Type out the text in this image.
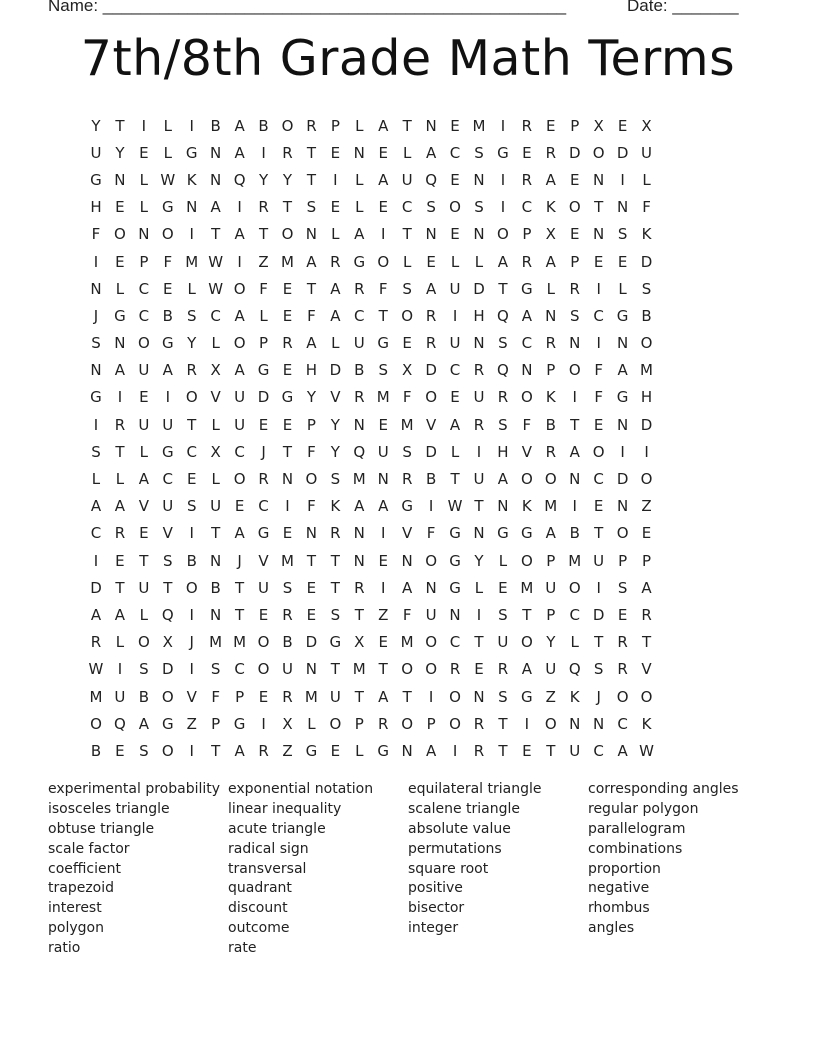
Name: _________________________________________________	Date: _______
7th/8th Grade Math Terms
Y T	I	L	I	B A B O R P	L A T N E M	I	R E P X E X
U Y E	L G N A	I	R T E N E	L A C S G E R D O D U
G N L W K N Q Y Y T	I	L A U Q E N	I	R A E N	I	L
H E	L G N A	I	R T S E	L	E C S O S	I	C K O T N F
F O N O	I	T A T O N L A	I	T N E N O P X E N S K
I	E P	F M W I	Z M A R G O L	E	L	L A R A P E E D
N L C E	L W O F E T A R F S A U D T G L R	I	L	S
J	G C B S C A L	E F A C T O R	I	H Q A N S C G B
S N O G Y	L O P R A L U G E R U N S C R N	I	N O
N A U A R X A G E H D B S X D C R Q N P O F A M
G	I	E	I	O V U D G Y V R M F O E U R O K	I	F G H
I	R U U T	L U E E P Y N E M V A R S F B T E N D
S T	L G C X C	J	T	F	Y Q U S D L	I	H V R A O	I	I
L	L A C E	L O R N O S M N R B T U A O O N C D O
A A V U S U E C	I	F K A A G	I W T N K M	I	E N Z
C R E V	I	T A G E N R N	I	V F G N G G A B T O E
I	E T S B N	J	V M T T N E N O G Y	L O P M U P P
D T U T O B T U S E T R	I	A N G L	E M U O	I	S A
A A L Q	I	N T E R E S T Z F U N	I	S T P C D E R
R L O X	J	M M O B D G X E M O C T U O Y	L	T R T
W I	S D	I	S C O U N T M T O O R E R A U Q S R V
M U B O V F	P E R M U T A T	I	O N S G Z K	J	O O
O Q A G Z P G	I	X L O P R O P O R T	I	O N N C K
B E S O	I	T A R Z G E	L G N A	I	R T E T U C A W
experimental probability
isosceles triangle
obtuse triangle
scale factor
coefficient
trapezoid
interest
polygon
ratio
exponential notation
linear inequality
acute triangle
radical sign
transversal
quadrant
discount
outcome
rate
equilateral triangle
scalene triangle
absolute value
permutations
square root
positive
bisector
integer
corresponding angles
regular polygon
parallelogram
combinations
proportion
negative
rhombus
angles
